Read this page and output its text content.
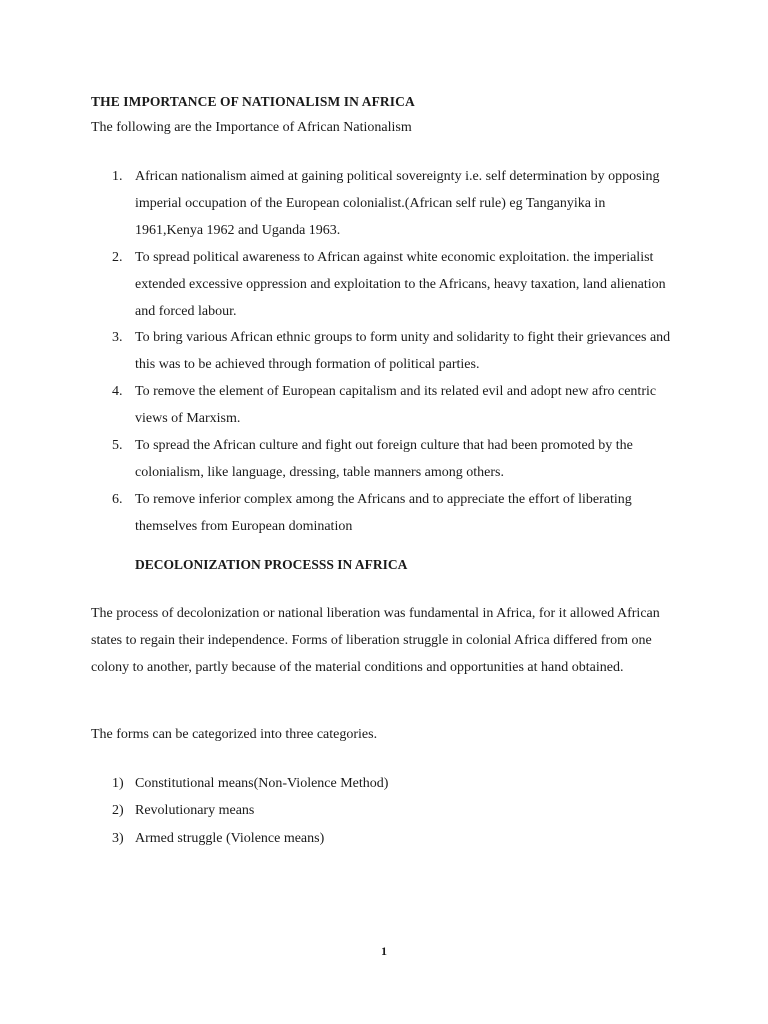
THE IMPORTANCE OF NATIONALISM IN AFRICA

The following are the Importance of African Nationalism

1. African nationalism aimed at gaining political sovereignty i.e. self determination by opposing imperial occupation of the European colonialist.(African self rule) eg Tanganyika in 1961,Kenya 1962 and Uganda 1963.
2. To spread political awareness to African against white economic exploitation. the imperialist extended excessive oppression and exploitation to the Africans, heavy taxation, land alienation and forced labour.
3. To bring various African ethnic groups to form unity and solidarity to fight their grievances and this was to be achieved through formation of political parties.
4. To remove the element of European capitalism and its related evil and adopt new afro centric views of Marxism.
5. To spread the African culture and fight out foreign culture that had been promoted by the colonialism, like language, dressing, table manners among others.
6. To remove inferior complex among the Africans and to appreciate the effort of liberating themselves from European domination
DECOLONIZATION PROCESSS IN AFRICA

The process of decolonization or national liberation was fundamental in Africa, for it allowed African states to regain their independence. Forms of liberation struggle in colonial Africa differed from one colony to another, partly because of the material conditions and opportunities at hand obtained.

The forms can be categorized into three categories.

1) Constitutional means(Non-Violence Method)
2) Revolutionary means
3) Armed struggle (Violence means)
1
